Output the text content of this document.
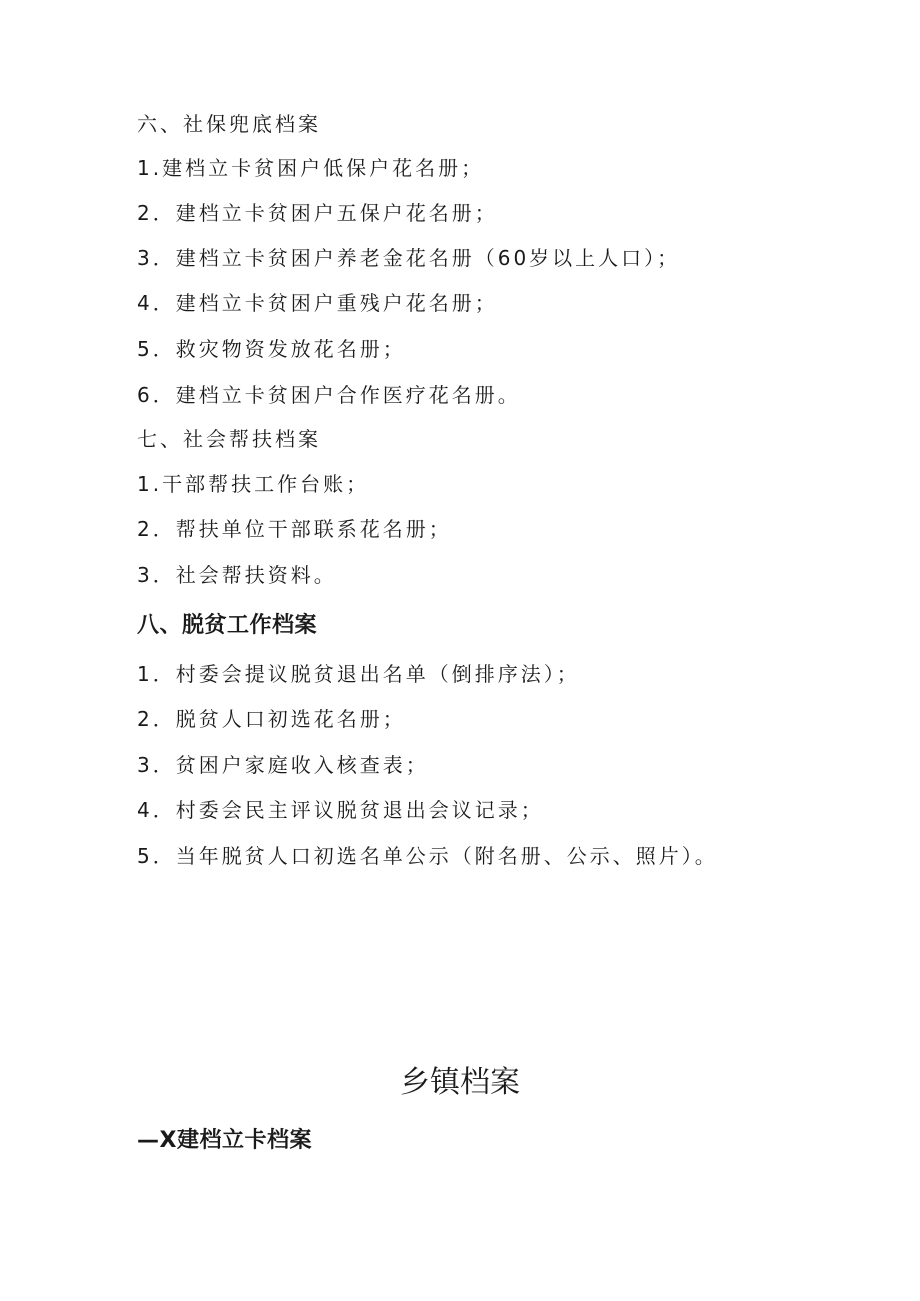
六、社保兜底档案
1.建档立卡贫困户低保户花名册；
2．建档立卡贫困户五保户花名册；
3．建档立卡贫困户养老金花名册（60岁以上人口）；
4．建档立卡贫困户重残户花名册；
5．救灾物资发放花名册；
6．建档立卡贫困户合作医疗花名册。
七、社会帮扶档案
1.干部帮扶工作台账；
2．帮扶单位干部联系花名册；
3．社会帮扶资料。
八、脱贫工作档案
1．村委会提议脱贫退出名单（倒排序法）；
2．脱贫人口初选花名册；
3．贫困户家庭收入核查表；
4．村委会民主评议脱贫退出会议记录；
5．当年脱贫人口初选名单公示（附名册、公示、照片）。
乡镇档案
—X建档立卡档案
